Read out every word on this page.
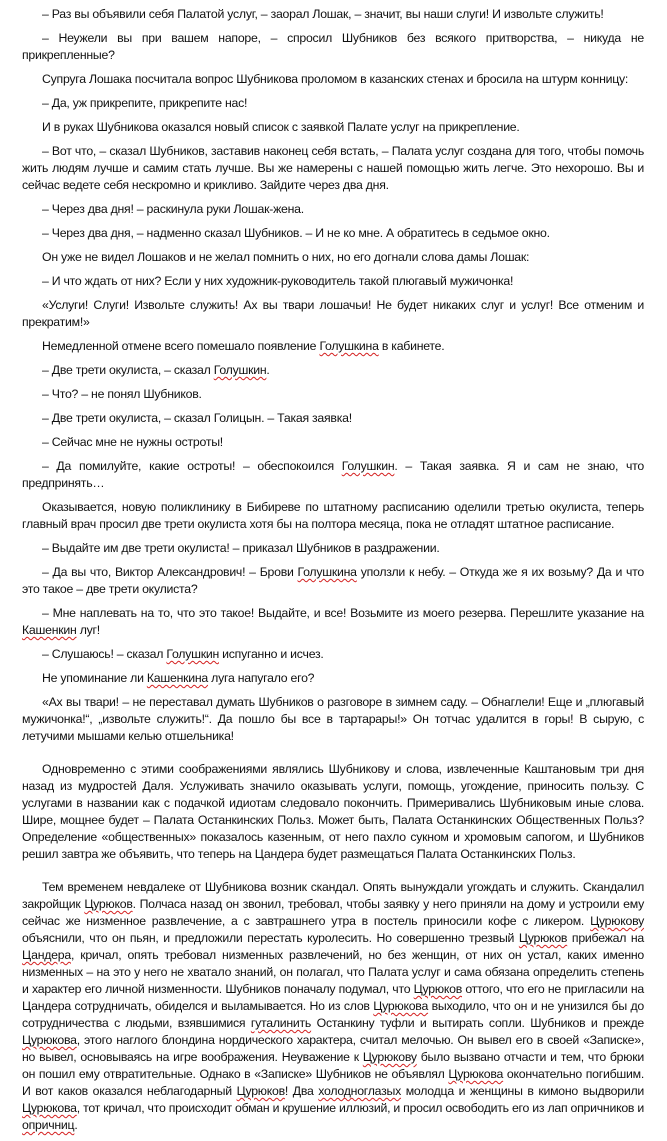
– Раз вы объявили себя Палатой услуг, – заорал Лошак, – значит, вы наши слуги! И извольте служить!

– Неужели вы при вашем напоре, – спросил Шубников без всякого притворства, – никуда не прикрепленные?

Супруга Лошака посчитала вопрос Шубникова проломом в казанских стенах и бросила на штурм конницу:

– Да, уж прикрепите, прикрепите нас!

И в руках Шубникова оказался новый список с заявкой Палате услуг на прикрепление.

– Вот что, – сказал Шубников, заставив наконец себя встать, – Палата услуг создана для того, чтобы помочь жить людям лучше и самим стать лучше. Вы же намерены с нашей помощью жить легче. Это нехорошо. Вы и сейчас ведете себя нескромно и крикливо. Зайдите через два дня.

– Через два дня! – раскинула руки Лошак-жена.

– Через два дня, – надменно сказал Шубников. – И не ко мне. А обратитесь в седьмое окно.

Он уже не видел Лошаков и не желал помнить о них, но его догнали слова дамы Лошак:

– И что ждать от них? Если у них художник-руководитель такой плюгавый мужичонка!

«Услуги! Слуги! Извольте служить! Ах вы твари лошачьи! Не будет никаких слуг и услуг! Все отменим и прекратим!»

Немедленной отмене всего помешало появление Голушкина в кабинете.

– Две трети окулиста, – сказал Голушкин.

– Что? – не понял Шубников.

– Две трети окулиста, – сказал Голицын. – Такая заявка!

– Сейчас мне не нужны остроты!

– Да помилуйте, какие остроты! – обеспокоился Голушкин. – Такая заявка. Я и сам не знаю, что предпринять…

Оказывается, новую поликлинику в Бибиреве по штатному расписанию оделили третью окулиста, теперь главный врач просил две трети окулиста хотя бы на полтора месяца, пока не отладят штатное расписание.

– Выдайте им две трети окулиста! – приказал Шубников в раздражении.

– Да вы что, Виктор Александрович! – Брови Голушкина уползли к небу. – Откуда же я их возьму? Да и что это такое – две трети окулиста?

– Мне наплевать на то, что это такое! Выдайте, и все! Возьмите из моего резерва. Перешлите указание на Кашенкин луг!

– Слушаюсь! – сказал Голушкин испуганно и исчез.

Не упоминание ли Кашенкина луга напугало его?

«Ах вы твари! – не переставал думать Шубников о разговоре в зимнем саду. – Обнаглели! Еще и „плюгавый мужичонка!“, „извольте служить!“. Да пошло бы все в тартарары!» Он тотчас удалится в горы! В сырую, с летучими мышами келью отшельника!

Одновременно с этими соображениями являлись Шубникову и слова, извлеченные Каштановым три дня назад из мудростей Даля. Услуживать значило оказывать услуги, помощь, угождение, приносить пользу. С услугами в названии как с подачкой идиотам следовало покончить. Примеривались Шубниковым иные слова. Шире, мощнее будет – Палата Останкинских Польз. Может быть, Палата Останкинских Общественных Польз? Определение «общественных» показалось казенным, от него пахло сукном и хромовым сапогом, и Шубников решил завтра же объявить, что теперь на Цандера будет размещаться Палата Останкинских Польз.

Тем временем невдалеке от Шубникова возник скандал. Опять вынуждали угождать и служить. Скандалил закройщик Цурюков. Полчаса назад он звонил, требовал, чтобы заявку у него приняли на дому и устроили ему сейчас же низменное развлечение, а с завтрашнего утра в постель приносили кофе с ликером. Цурюкову объяснили, что он пьян, и предложили перестать куролесить. Но совершенно трезвый Цурюков прибежал на Цандера, кричал, опять требовал низменных развлечений, но без женщин, от них он устал, каких именно низменных – на это у него не хватало знаний, он полагал, что Палата услуг и сама обязана определить степень и характер его личной низменности. Шубников поначалу подумал, что Цурюков оттого, что его не пригласили на Цандера сотрудничать, обиделся и выламывается. Но из слов Цурюкова выходило, что он и не унизился бы до сотрудничества с людьми, взявшимися гуталинить Останкину туфли и вытирать сопли. Шубников и прежде Цурюкова, этого наглого блондина нордического характера, считал мелочью. Он вывел его в своей «Записке», но вывел, основываясь на игре воображения. Неуважение к Цурюкову было вызвано отчасти и тем, что брюки он пошил ему отвратительные. Однако в «Записке» Шубников не объявлял Цурюкова окончательно погибшим. И вот каков оказался неблагодарный Цурюков! Два холодноглазых молодца и женщины в кимоно выдворили Цурюкова, тот кричал, что происходит обман и крушение иллюзий, и просил освободить его из лап опричников и опричниц.
